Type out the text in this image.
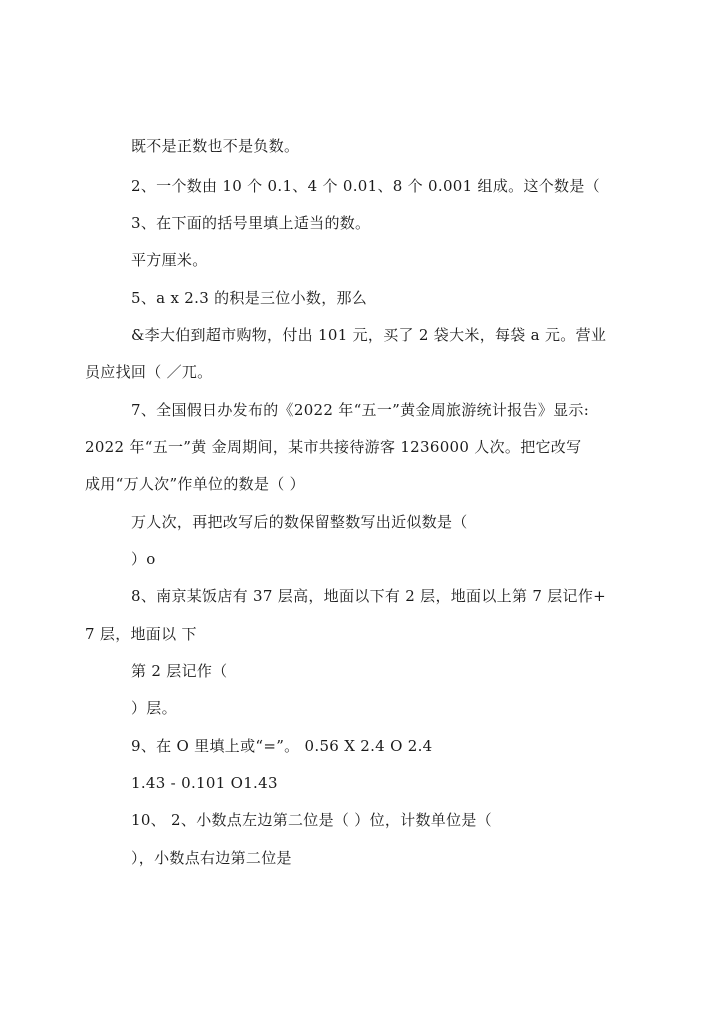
既不是正数也不是负数。
2、一个数由 10 个 0.1、4 个 0.01、8 个 0.001 组成。这个数是（
3、在下面的括号里填上适当的数。
平方厘米。
5、a x 2.3 的积是三位小数，那么
&李大伯到超市购物，付出 101 元，买了 2 袋大米，每袋 a 元。营业
员应找回（ ／兀。
7、全国假日办发布的《2022 年“五一”黄金周旅游统计报告》显示:
2022 年“五一”黄 金周期间，某市共接待游客 1236000 人次。把它改写
成用“万人次”作单位的数是（ ）
万人次，再把改写后的数保留整数写出近似数是（
）o
8、南京某饭店有 37 层高，地面以下有 2 层，地面以上第 7 层记作+
7 层，地面以 下
第 2 层记作（
）层。
9、在 O 里填上或“=”。 0.56 X 2.4 O 2.4
1.43 - 0.101 O1.43
10、 2、小数点左边第二位是（ ）位，计数单位是（
），小数点右边第二位是
